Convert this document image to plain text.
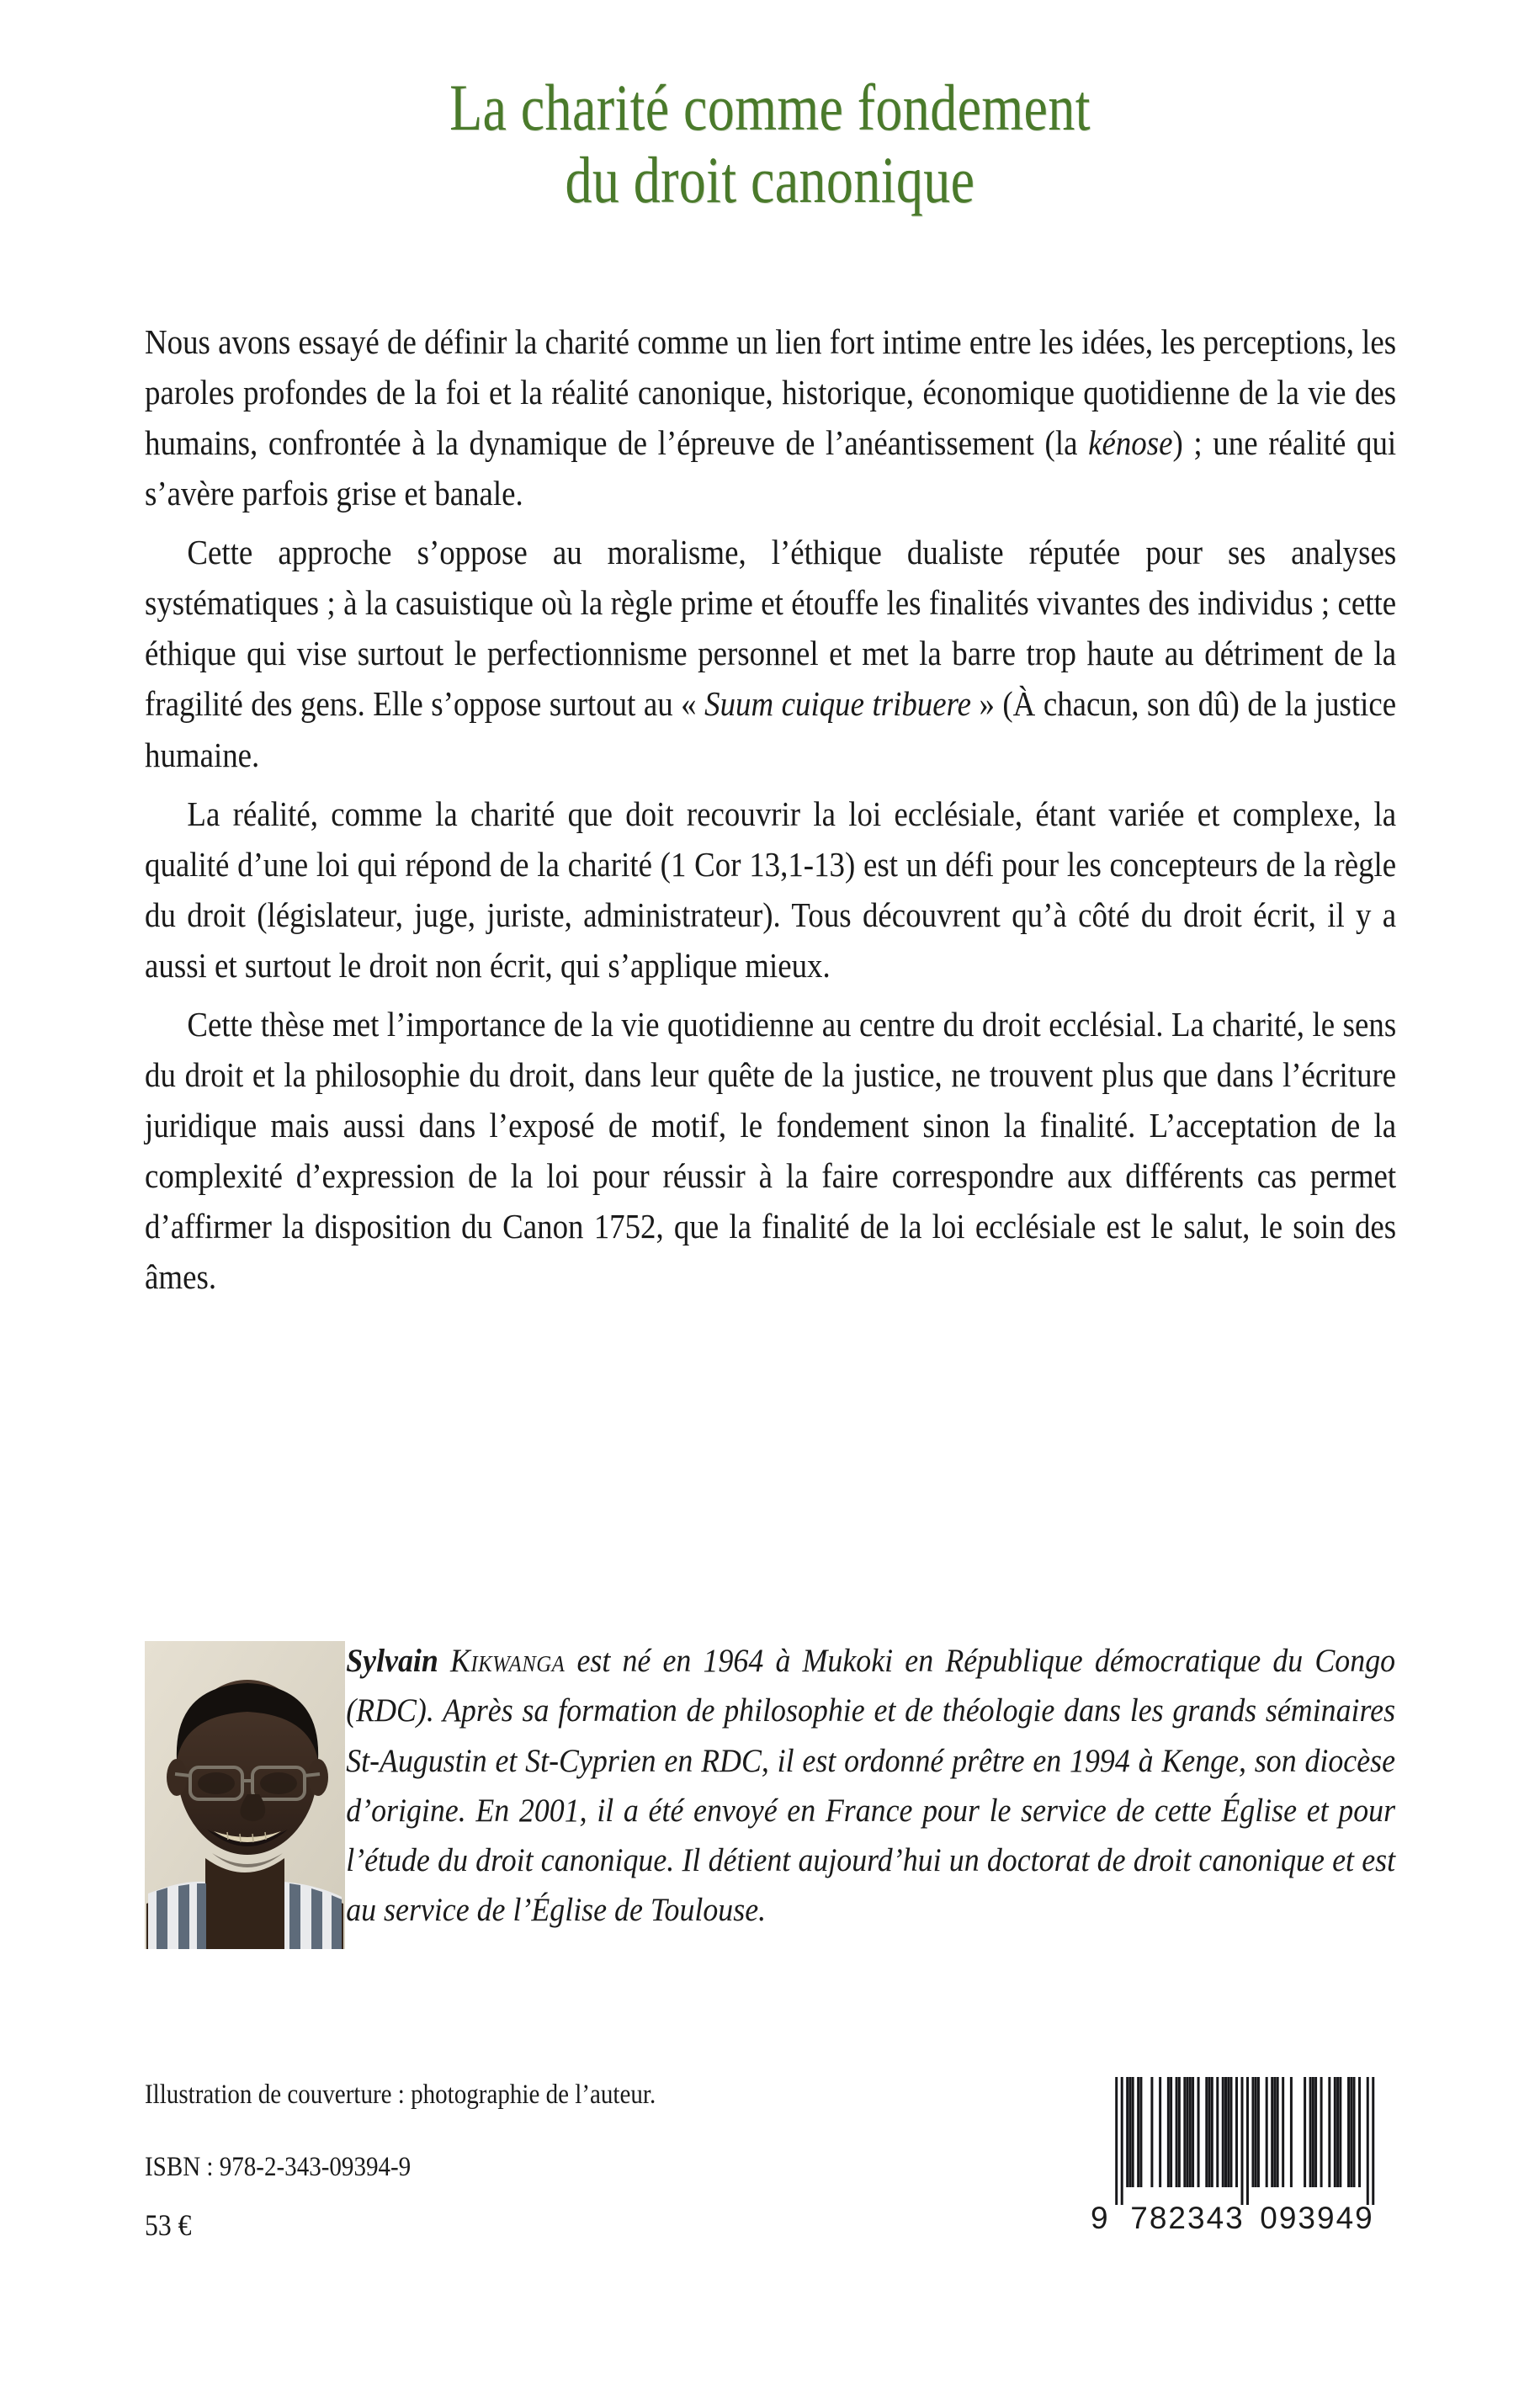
La charité comme fondement
du droit canonique

Nous avons essayé de définir la charité comme un lien fort intime entre les idées, les perceptions, les paroles profondes de la foi et la réalité canonique, historique, économique quotidienne de la vie des humains, confrontée à la dynamique de l’épreuve de l’anéantissement (la kénose) ; une réalité qui s’avère parfois grise et banale.

Cette approche s’oppose au moralisme, l’éthique dualiste réputée pour ses analyses systématiques ; à la casuistique où la règle prime et étouffe les finalités vivantes des individus ; cette éthique qui vise surtout le perfectionnisme personnel et met la barre trop haute au détriment de la fragilité des gens. Elle s’oppose surtout au « Suum cuique tribuere » (À chacun, son dû) de la justice humaine.

La réalité, comme la charité que doit recouvrir la loi ecclésiale, étant variée et complexe, la qualité d’une loi qui répond de la charité (1 Cor 13,1-13) est un défi pour les concepteurs de la règle du droit (législateur, juge, juriste, administrateur). Tous découvrent qu’à côté du droit écrit, il y a aussi et surtout le droit non écrit, qui s’applique mieux.

Cette thèse met l’importance de la vie quotidienne au centre du droit ecclésial. La charité, le sens du droit et la philosophie du droit, dans leur quête de la justice, ne trouvent plus que dans l’écriture juridique mais aussi dans l’exposé de motif, le fondement sinon la finalité. L’acceptation de la complexité d’expression de la loi pour réussir à la faire correspondre aux différents cas permet d’affirmer la disposition du Canon 1752, que la finalité de la loi ecclésiale est le salut, le soin des âmes.

Sylvain Kikwanga est né en 1964 à Mukoki en République démocratique du Congo (RDC). Après sa formation de philosophie et de théologie dans les grands séminaires St-Augustin et St-Cyprien en RDC, il est ordonné prêtre en 1994 à Kenge, son diocèse d’origine. En 2001, il a été envoyé en France pour le service de cette Église et pour l’étude du droit canonique. Il détient aujourd’hui un doctorat de droit canonique et est au service de l’Église de Toulouse.
Illustration de couverture : photographie de l’auteur.
ISBN : 978-2-343-09394-9
53 €	9 782343 093949
